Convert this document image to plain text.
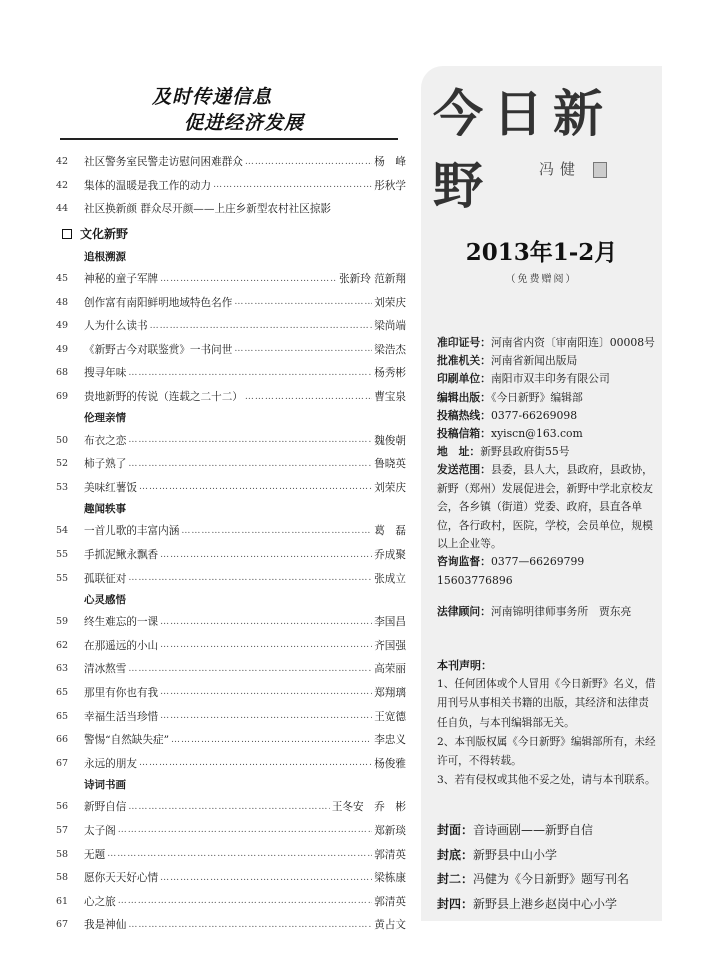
及时传递信息
促进经济发展
42	社区警务室民警走访慰问困难群众 ……………………………………………………………………………………………………………………	杨　峰
42	集体的温暖是我工作的动力 ……………………………………………………………………………………………………………………	彤秋学
44	社区换新颜 群众尽开颜——上庄乡新型农村社区掠影
文化新野
追根溯源
45	神秘的童子军牌 ……………………………………………………………………………………………………………………	张新玲 范新翔
48	创作富有南阳鲜明地域特色名作 ……………………………………………………………………………………………………………………	刘荣庆
49	人为什么读书 ……………………………………………………………………………………………………………………	梁尚端
49	《新野古今对联鉴赏》一书问世 ……………………………………………………………………………………………………………………	梁浩杰
68	搜寻年味 ……………………………………………………………………………………………………………………	杨秀彬
69	贵地新野的传说（连载之二十二） ……………………………………………………………………………………………………………………	曹宝泉
伦理亲情
50	布衣之恋 ……………………………………………………………………………………………………………………	魏俊朝
52	柿子熟了 ……………………………………………………………………………………………………………………	鲁晓英
53	美味红薯饭 ……………………………………………………………………………………………………………………	刘荣庆
趣闻轶事
54	一首儿歌的丰富内涵 ……………………………………………………………………………………………………………………	葛　磊
55	手抓泥鳅永飘香 ……………………………………………………………………………………………………………………	乔成聚
55	孤联征对 ……………………………………………………………………………………………………………………	张成立
心灵感悟
59	终生难忘的一课 ……………………………………………………………………………………………………………………	李国昌
62	在那遥远的小山 ……………………………………………………………………………………………………………………	齐国强
63	清冰熬雪 ……………………………………………………………………………………………………………………	高荣丽
65	那里有你也有我 ……………………………………………………………………………………………………………………	郑翔璃
65	幸福生活当珍惜 ……………………………………………………………………………………………………………………	王宽德
66	警惕“自然缺失症” ……………………………………………………………………………………………………………………	李忠义
67	永远的朋友 ……………………………………………………………………………………………………………………	杨俊雅
诗词书画
56	新野自信 ……………………………………………………………………………………………………………………	王冬安　乔　彬
57	太子阁 ……………………………………………………………………………………………………………………	郑新琰
58	无题 ……………………………………………………………………………………………………………………	郭清英
58	愿你天天好心情 ……………………………………………………………………………………………………………………	梁栋康
61	心之旅 ……………………………………………………………………………………………………………………	郭清英
67	我是神仙 ……………………………………………………………………………………………………………………	黄占文
今日新野	冯健
2013年1-2月
（免费赠阅）
准印证号：河南省内资〔审南阳连〕00008号
批准机关：河南省新闻出版局
印刷单位：南阳市双丰印务有限公司
编辑出版：《今日新野》编辑部
投稿热线：0377-66269098
投稿信箱：xyiscn@163.com
地　址：新野县政府街55号
发送范围：县委，县人大，县政府，县政协，新野（郑州）发展促进会，新野中学北京校友会，各乡镇（街道）党委、政府，县直各单位，各行政村，医院，学校，会员单位，规模以上企业等。
咨询监督：0377—66269799 15603776896
法律顾问：河南锦明律师事务所　贾东亮
本刊声明：
1、任何团体或个人冒用《今日新野》名义，借用刊号从事相关书籍的出版，其经济和法律责任自负，与本刊编辑部无关。
2、本刊版权属《今日新野》编辑部所有，未经许可，不得转载。
3、若有侵权或其他不妥之处，请与本刊联系。
封面：音诗画剧——新野自信
封底：新野县中山小学
封二：冯健为《今日新野》题写刊名
封四：新野县上港乡赵岗中心小学
